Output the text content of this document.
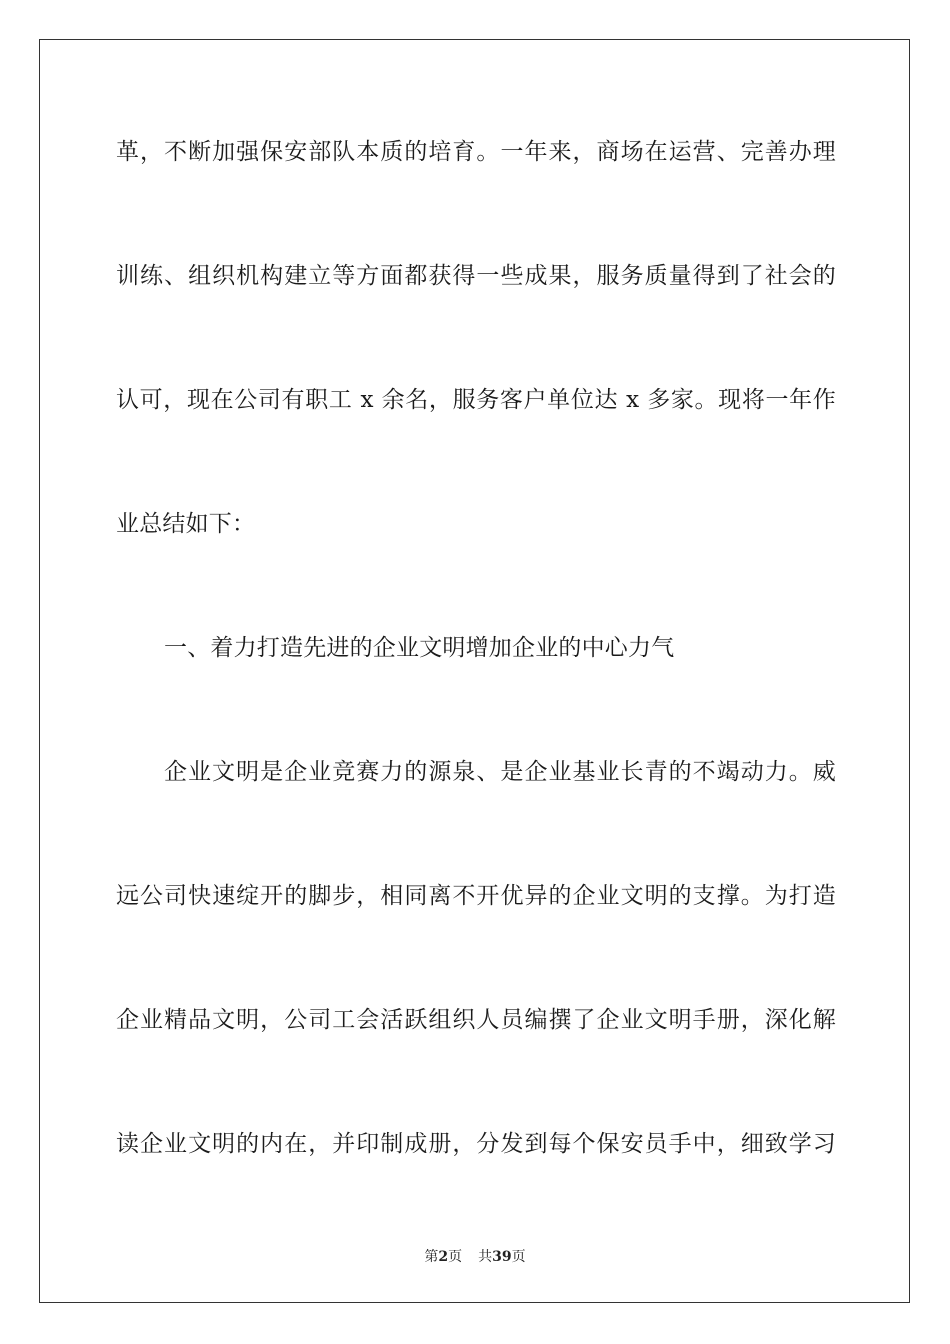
革，不断加强保安部队本质的培育。一年来，商场在运营、完善办理
训练、组织机构建立等方面都获得一些成果，服务质量得到了社会的
认可，现在公司有职工 x 余名，服务客户单位达 x 多家。现将一年作
业总结如下：
一、着力打造先进的企业文明增加企业的中心力气
企业文明是企业竞赛力的源泉、是企业基业长青的不竭动力。威
远公司快速绽开的脚步，相同离不开优异的企业文明的支撑。为打造
企业精品文明，公司工会活跃组织人员编撰了企业文明手册，深化解
读企业文明的内在，并印制成册，分发到每个保安员手中，细致学习
第2页 共39页
